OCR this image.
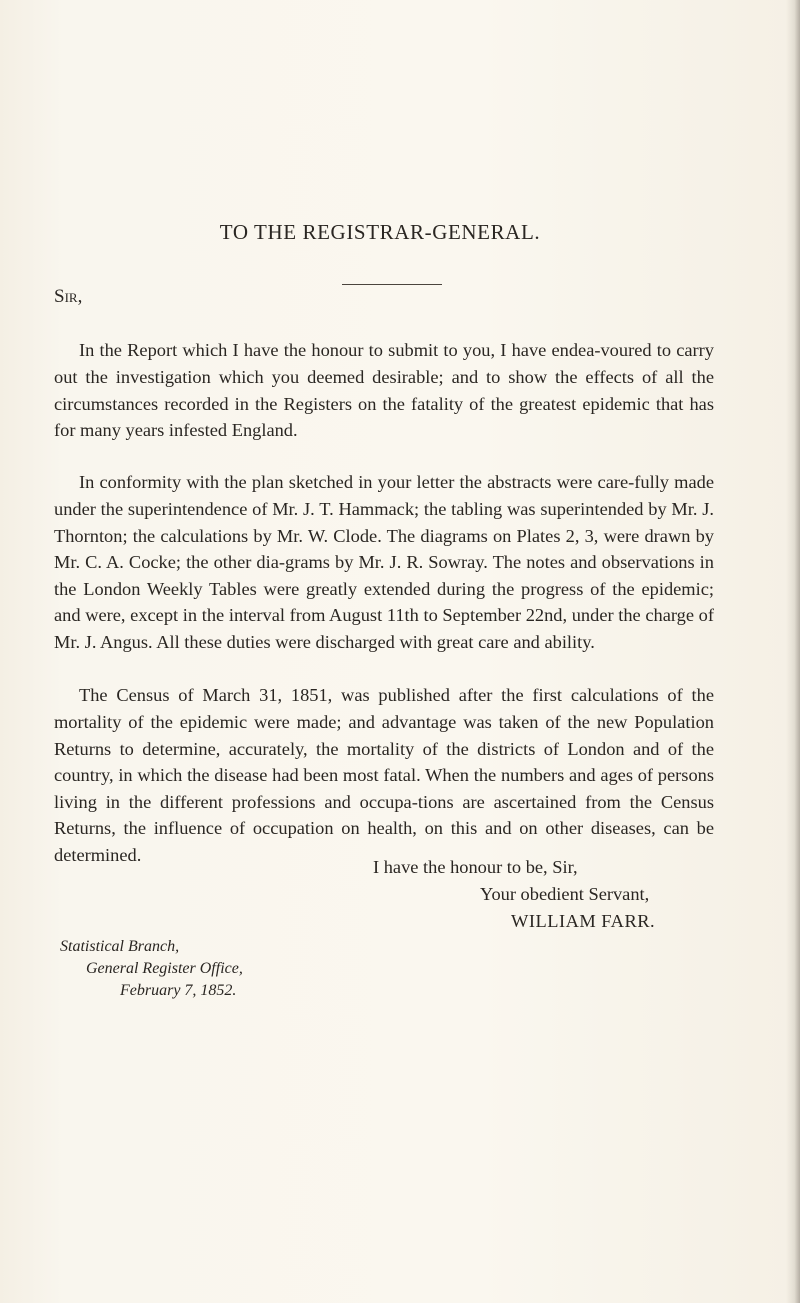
TO THE REGISTRAR-GENERAL.
Sir,

In the Report which I have the honour to submit to you, I have endea-voured to carry out the investigation which you deemed desirable; and to show the effects of all the circumstances recorded in the Registers on the fatality of the greatest epidemic that has for many years infested England.

In conformity with the plan sketched in your letter the abstracts were care-fully made under the superintendence of Mr. J. T. Hammack; the tabling was superintended by Mr. J. Thornton; the calculations by Mr. W. Clode. The diagrams on Plates 2, 3, were drawn by Mr. C. A. Cocke; the other dia-grams by Mr. J. R. Sowray. The notes and observations in the London Weekly Tables were greatly extended during the progress of the epidemic; and were, except in the interval from August 11th to September 22nd, under the charge of Mr. J. Angus. All these duties were discharged with great care and ability.

The Census of March 31, 1851, was published after the first calculations of the mortality of the epidemic were made; and advantage was taken of the new Population Returns to determine, accurately, the mortality of the districts of London and of the country, in which the disease had been most fatal. When the numbers and ages of persons living in the different professions and occupa-tions are ascertained from the Census Returns, the influence of occupation on health, on this and on other diseases, can be determined.

I have the honour to be, Sir,
Your obedient Servant,
WILLIAM FARR.
Statistical Branch,
General Register Office,
February 7, 1852.
